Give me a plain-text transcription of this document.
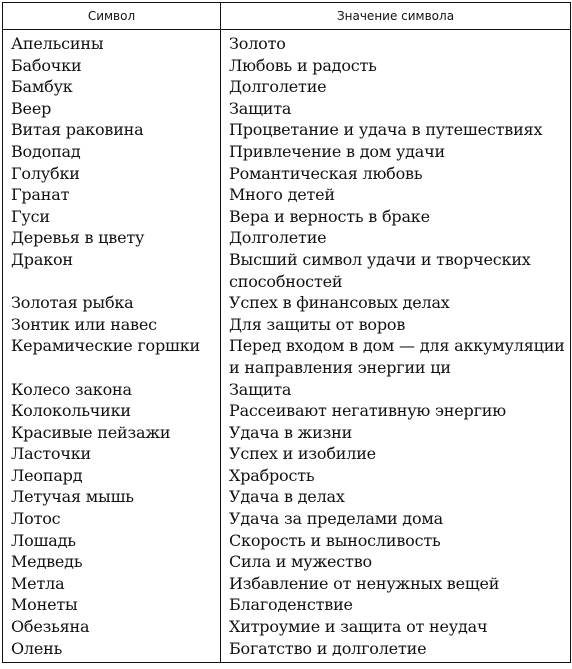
Символ	Значение символа
Апельсины	Золото
Бабочки	Любовь и радость
Бамбук	Долголетие
Веер	Защита
Витая раковина	Процветание и удача в путешествиях
Водопад	Привлечение в дом удачи
Голубки	Романтическая любовь
Гранат	Много детей
Гуси	Вера и верность в браке
Деревья в цвету	Долголетие
Дракон	Высший символ удачи и творческих способностей
Золотая рыбка	Успех в финансовых делах
Зонтик или навес	Для защиты от воров
Керамические горшки	Перед входом в дом — для аккумуляции и направления энергии ци
Колесо закона	Защита
Колокольчики	Рассеивают негативную энергию
Красивые пейзажи	Удача в жизни
Ласточки	Успех и изобилие
Леопард	Храбрость
Летучая мышь	Удача в делах
Лотос	Удача за пределами дома
Лошадь	Скорость и выносливость
Медведь	Сила и мужество
Метла	Избавление от ненужных вещей
Монеты	Благоденствие
Обезьяна	Хитроумие и защита от неудач
Олень	Богатство и долголетие
